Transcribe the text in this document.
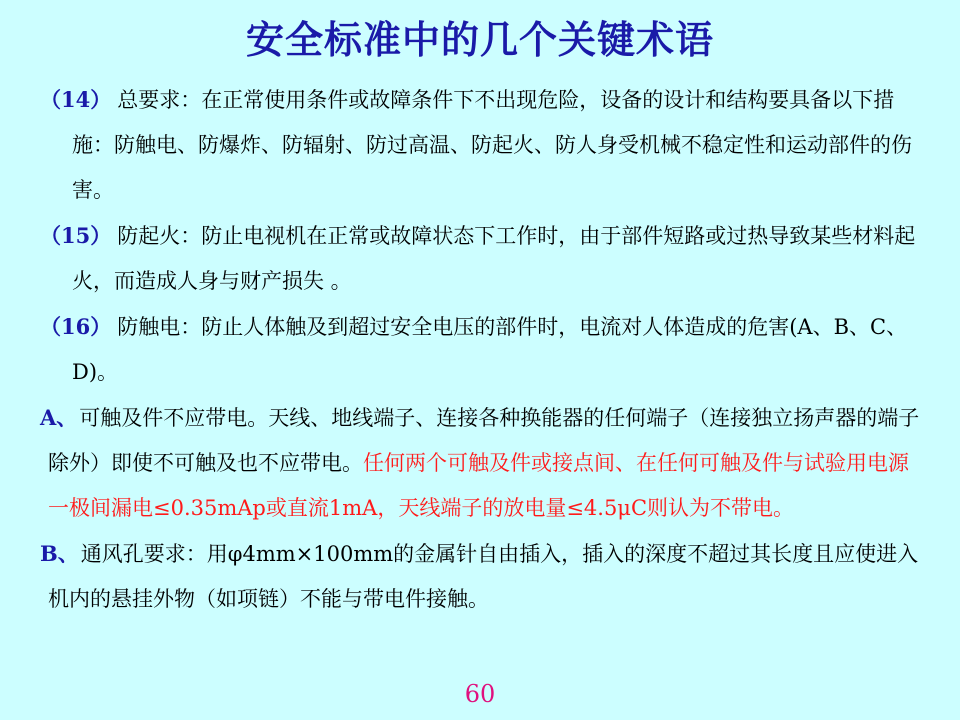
安全标准中的几个关键术语

（14） 总要求：在正常使用条件或故障条件下不出现危险，设备的设计和结构要具备以下措施：防触电、防爆炸、防辐射、防过高温、防起火、防人身受机械不稳定性和运动部件的伤害。

（15） 防起火：防止电视机在正常或故障状态下工作时，由于部件短路或过热导致某些材料起火，而造成人身与财产损失 。

（16） 防触电：防止人体触及到超过安全电压的部件时，电流对人体造成的危害(A、B、C、D)。

A、可触及件不应带电。天线、地线端子、连接各种换能器的任何端子（连接独立扬声器的端子除外）即使不可触及也不应带电。任何两个可触及件或接点间、在任何可触及件与试验用电源一极间漏电≤0.35mAp或直流1mA，天线端子的放电量≤4.5μC则认为不带电。

B、通风孔要求：用φ4mm×100mm的金属针自由插入，插入的深度不超过其长度且应使进入机内的悬挂外物（如项链）不能与带电件接触。

60
